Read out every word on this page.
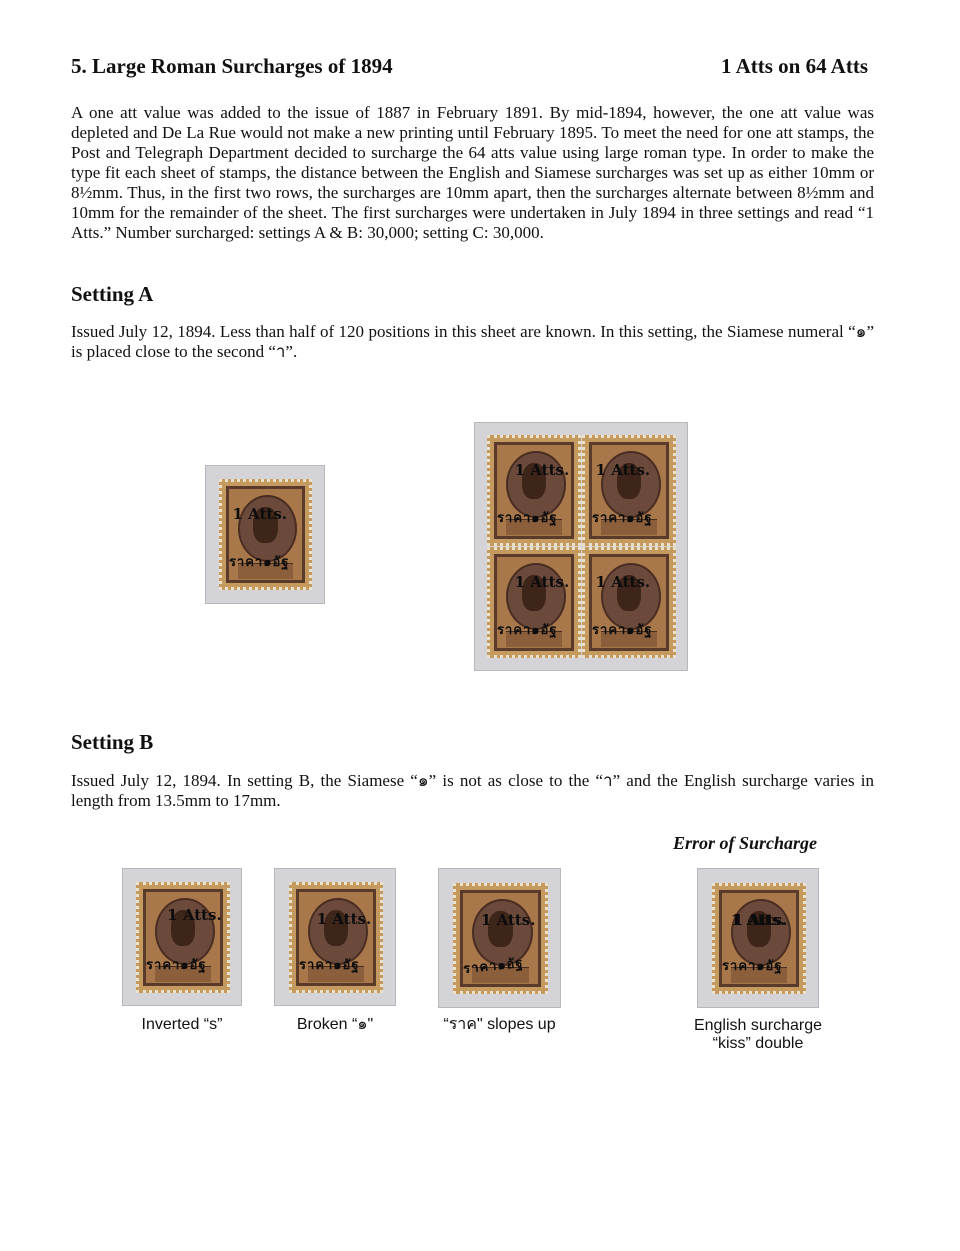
5. Large Roman Surcharges of 1894	1 Atts on 64 Atts
A one att value was added to the issue of 1887 in February 1891. By mid-1894, however, the one att value was depleted and De La Rue would not make a new printing until February 1895. To meet the need for one att stamps, the Post and Telegraph Department decided to surcharge the 64 atts value using large roman type. In order to make the type fit each sheet of stamps, the distance between the English and Siamese surcharges was set up as either 10mm or 8½mm. Thus, in the first two rows, the surcharges are 10mm apart, then the surcharges alternate between 8½mm and 10mm for the remainder of the sheet. The first surcharges were undertaken in July 1894 in three settings and read “1 Atts.” Number surcharged: settings A & B: 30,000; setting C: 30,000.
Setting A
Issued July 12, 1894. Less than half of 120 positions in this sheet are known. In this setting, the Siamese numeral “๑” is placed close to the second “า”.
1 Atts.
ราคา๑อัฐ
1 Atts.
ราคา๑อัฐ
1 Atts.
ราคา๑อัฐ
1 Atts.
ราคา๑อัฐ
1 Atts.
ราคา๑อัฐ
Setting B
Issued July 12, 1894. In setting B, the Siamese “๑” is not as close to the “า” and the English surcharge varies in length from 13.5mm to 17mm.
Error of Surcharge
1 Atts.
ราคา๑อัฐ
1 Atts.
ราคา๑อัฐ
1 Atts.
ราคา๑อัฐ
1 Atts.
ราคา๑อัฐ
Inverted “s”	Broken “๑"	“ราค" slopes up	English surcharge
“kiss” double
